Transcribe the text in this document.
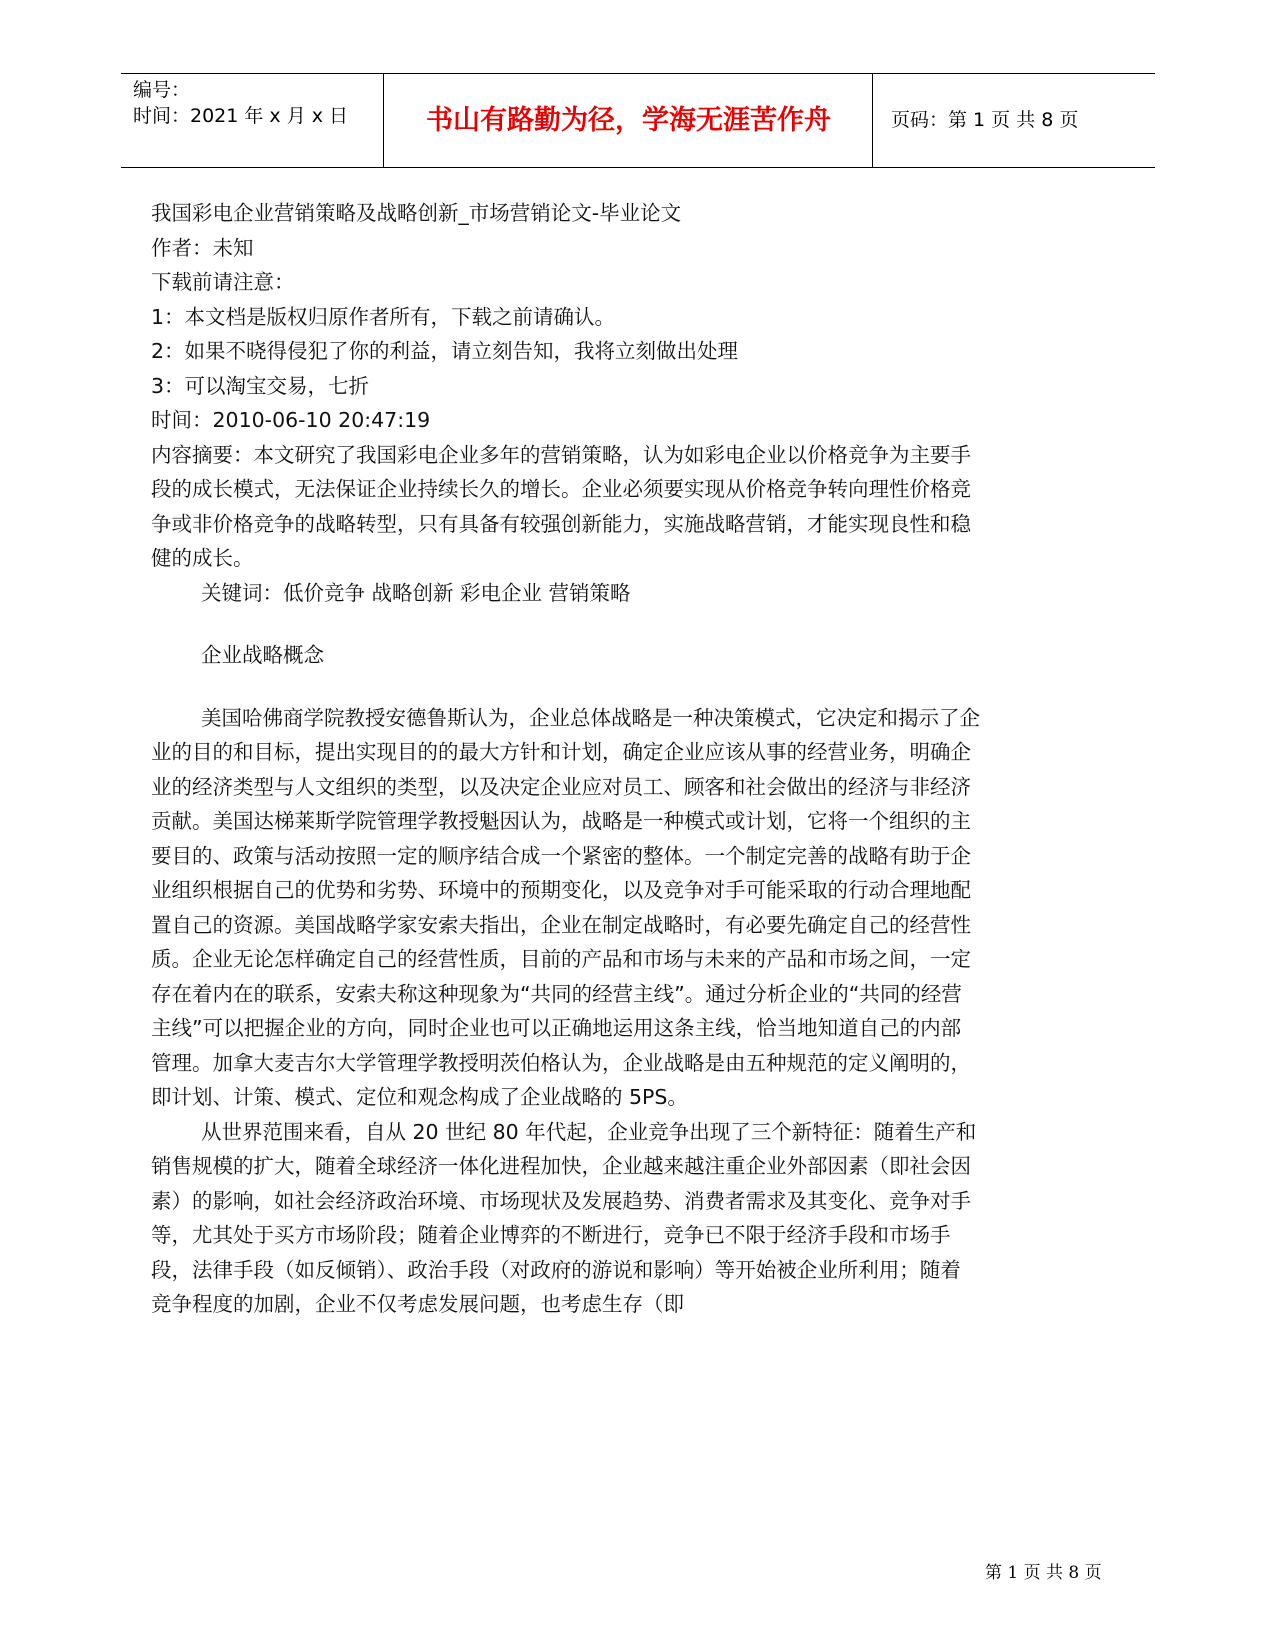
编号：
时间：2021 年 x 月 x 日	书山有路勤为径，学海无涯苦作舟	页码：第 1 页 共 8 页

我国彩电企业营销策略及战略创新_市场营销论文-毕业论文

作者：未知

下载前请注意：

1：本文档是版权归原作者所有，下载之前请确认。

2：如果不晓得侵犯了你的利益，请立刻告知，我将立刻做出处理

3：可以淘宝交易，七折

时间：2010-06-10 20:47:19

内容摘要：本文研究了我国彩电企业多年的营销策略，认为如彩电企业以价格竞争为主要手段的成长模式，无法保证企业持续长久的增长。企业必须要实现从价格竞争转向理性价格竞争或非价格竞争的战略转型，只有具备有较强创新能力，实施战略营销，才能实现良性和稳健的成长。

关键词：低价竞争 战略创新 彩电企业 营销策略

企业战略概念

美国哈佛商学院教授安德鲁斯认为，企业总体战略是一种决策模式，它决定和揭示了企业的目的和目标，提出实现目的的最大方针和计划，确定企业应该从事的经营业务，明确企业的经济类型与人文组织的类型，以及决定企业应对员工、顾客和社会做出的经济与非经济贡献。美国达梯莱斯学院管理学教授魁因认为，战略是一种模式或计划，它将一个组织的主要目的、政策与活动按照一定的顺序结合成一个紧密的整体。一个制定完善的战略有助于企业组织根据自己的优势和劣势、环境中的预期变化，以及竞争对手可能采取的行动合理地配置自己的资源。美国战略学家安索夫指出，企业在制定战略时，有必要先确定自己的经营性质。企业无论怎样确定自己的经营性质，目前的产品和市场与未来的产品和市场之间，一定存在着内在的联系，安索夫称这种现象为“共同的经营主线”。通过分析企业的“共同的经营主线”可以把握企业的方向，同时企业也可以正确地运用这条主线，恰当地知道自己的内部管理。加拿大麦吉尔大学管理学教授明茨伯格认为，企业战略是由五种规范的定义阐明的，即计划、计策、模式、定位和观念构成了企业战略的 5PS。

从世界范围来看，自从 20 世纪 80 年代起，企业竞争出现了三个新特征：随着生产和销售规模的扩大，随着全球经济一体化进程加快，企业越来越注重企业外部因素（即社会因素）的影响，如社会经济政治环境、市场现状及发展趋势、消费者需求及其变化、竞争对手等，尤其处于买方市场阶段；随着企业博弈的不断进行，竞争已不限于经济手段和市场手段，法律手段（如反倾销）、政治手段（对政府的游说和影响）等开始被企业所利用；随着竞争程度的加剧，企业不仅考虑发展问题，也考虑生存（即

第 1 页 共 8 页
